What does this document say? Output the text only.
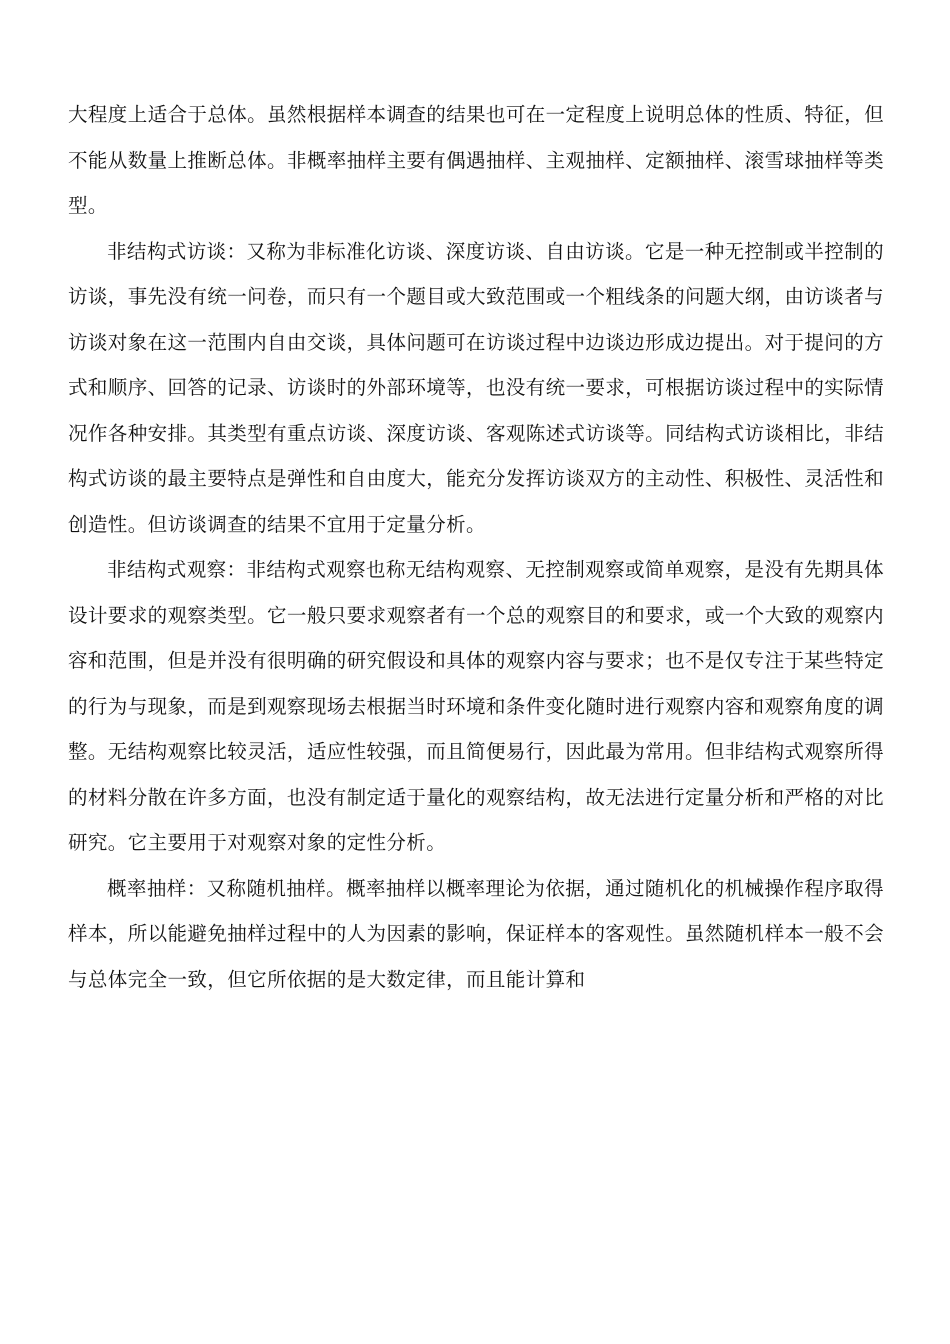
大程度上适合于总体。虽然根据样本调查的结果也可在一定程度上说明总体的性质、特征，但不能从数量上推断总体。非概率抽样主要有偶遇抽样、主观抽样、定额抽样、滚雪球抽样等类型。

非结构式访谈：又称为非标准化访谈、深度访谈、自由访谈。它是一种无控制或半控制的访谈，事先没有统一问卷，而只有一个题目或大致范围或一个粗线条的问题大纲，由访谈者与访谈对象在这一范围内自由交谈，具体问题可在访谈过程中边谈边形成边提出。对于提问的方式和顺序、回答的记录、访谈时的外部环境等，也没有统一要求，可根据访谈过程中的实际情况作各种安排。其类型有重点访谈、深度访谈、客观陈述式访谈等。同结构式访谈相比，非结构式访谈的最主要特点是弹性和自由度大，能充分发挥访谈双方的主动性、积极性、灵活性和创造性。但访谈调查的结果不宜用于定量分析。

非结构式观察：非结构式观察也称无结构观察、无控制观察或简单观察，是没有先期具体设计要求的观察类型。它一般只要求观察者有一个总的观察目的和要求，或一个大致的观察内容和范围，但是并没有很明确的研究假设和具体的观察内容与要求；也不是仅专注于某些特定的行为与现象，而是到观察现场去根据当时环境和条件变化随时进行观察内容和观察角度的调整。无结构观察比较灵活，适应性较强，而且简便易行，因此最为常用。但非结构式观察所得的材料分散在许多方面，也没有制定适于量化的观察结构，故无法进行定量分析和严格的对比研究。它主要用于对观察对象的定性分析。

概率抽样：又称随机抽样。概率抽样以概率理论为依据，通过随机化的机械操作程序取得样本，所以能避免抽样过程中的人为因素的影响，保证样本的客观性。虽然随机样本一般不会与总体完全一致，但它所依据的是大数定律，而且能计算和
